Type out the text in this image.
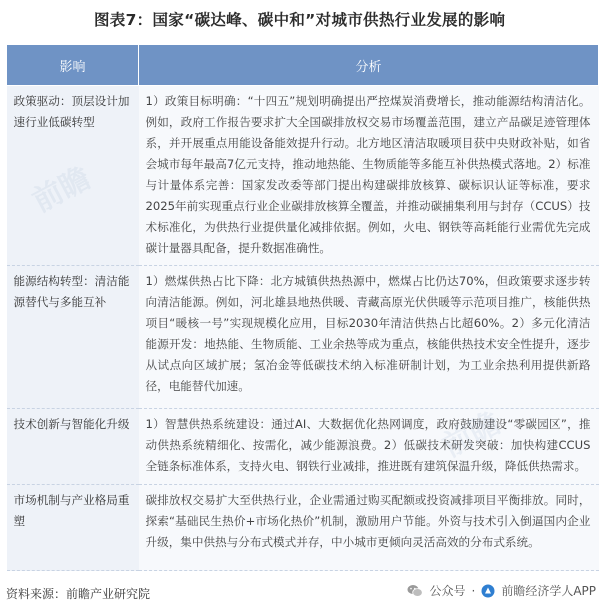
图表7：国家“碳达峰、碳中和”对城市供热行业发展的影响
影响	分析
政策驱动：顶层设计加速行业低碳转型	1）政策目标明确：“十四五”规划明确提出严控煤炭消费增长，推动能源结构清洁化。例如，政府工作报告要求扩大全国碳排放权交易市场覆盖范围，建立产品碳足迹管理体系，并开展重点用能设备能效提升行动。北方地区清洁取暖项目获中央财政补贴，如省会城市每年最高7亿元支持，推动地热能、生物质能等多能互补供热模式落地。2）标准与计量体系完善：国家发改委等部门提出构建碳排放核算、碳标识认证等标准，要求2025年前实现重点行业企业碳排放核算全覆盖，并推动碳捕集利用与封存（CCUS）技术标准化，为供热行业提供量化减排依据。例如，火电、钢铁等高耗能行业需优先完成碳计量器具配备，提升数据准确性。
能源结构转型：清洁能源替代与多能互补	1）燃煤供热占比下降：北方城镇供热热源中，燃煤占比仍达70%，但政策要求逐步转向清洁能源。例如，河北雄县地热供暖、青藏高原光伏供暖等示范项目推广，核能供热项目“暖核一号”实现规模化应用，目标2030年清洁供热占比超60%。2）多元化清洁能源开发：地热能、生物质能、工业余热等成为重点，核能供热技术安全性提升，逐步从试点向区域扩展；氢冶金等低碳技术纳入标准研制计划，为工业余热利用提供新路径，电能替代加速。
技术创新与智能化升级	1）智慧供热系统建设：通过AI、大数据优化热网调度，政府鼓励建设“零碳园区”，推动供热系统精细化、按需化，减少能源浪费。2）低碳技术研发突破：加快构建CCUS全链条标准体系，支持火电、钢铁行业减排，推进既有建筑保温升级，降低供热需求。
市场机制与产业格局重塑	碳排放权交易扩大至供热行业，企业需通过购买配额或投资减排项目平衡排放。同时，探索“基础民生热价+市场化热价”机制，激励用户节能。外资与技术引入倒逼国内企业升级，集中供热与分布式模式并存，中小城市更倾向灵活高效的分布式系统。
资料来源：前瞻产业研究院	公众号 · 前瞻经济学人APP
